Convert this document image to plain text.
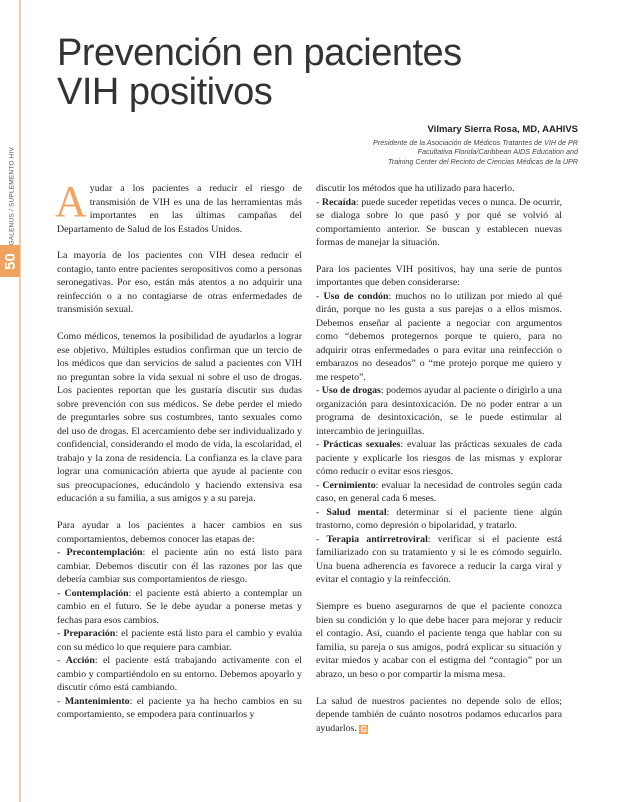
GALENUS / SUPLEMENTO HIV
50
Prevención en pacientes
VIH positivos
Vilmary Sierra Rosa, MD, AAHIVS
Presidente de la Asociación de Médicos Tratantes de VIH de PR
Facultativa Florida/Caribbean AIDS Education and
Training Center del Recinto de Ciencias Médicas de la UPR

Ayudar a los pacientes a reducir el riesgo de transmisión de VIH es una de las herramientas más importantes en las últimas campañas del Departamento de Salud de los Estados Unidos.

La mayoría de los pacientes con VIH desea reducir el contagio, tanto entre pacientes seropositivos como a personas seronegativas. Por eso, están más atentos a no adquirir una reinfección o a no contagiarse de otras enfermedades de transmisión sexual.

Como médicos, tenemos la posibilidad de ayudarlos a lograr ese objetivo. Múltiples estudios confirman que un tercio de los médicos que dan servicios de salud a pacientes con VIH no preguntan sobre la vida sexual ni sobre el uso de drogas. Los pacientes reportan que les gustaría discutir sus dudas sobre prevención con sus médicos. Se debe perder el miedo de preguntarles sobre sus costumbres, tanto sexuales como del uso de drogas. El acercamiento debe ser individualizado y confidencial, considerando el modo de vida, la escolaridad, el trabajo y la zona de residencia. La confianza es la clave para lograr una comunicación abierta que ayude al paciente con sus preocupaciones, educándolo y haciendo extensiva esa educación a su familia, a sus amigos y a su pareja.

Para ayudar a los pacientes a hacer cambios en sus comportamientos, debemos conocer las etapas de:
- Precontemplación: el paciente aún no está listo para cambiar. Debemos discutir con él las razones por las que debería cambiar sus comportamientos de riesgo.
- Contemplación: el paciente está abierto a contemplar un cambio en el futuro. Se le debe ayudar a ponerse metas y fechas para esos cambios.
- Preparación: el paciente está listo para el cambio y evalúa con su médico lo que requiere para cambiar.
- Acción: el paciente está trabajando activamente con el cambio y compartiéndolo en su entorno. Debemos apoyarlo y discutir cómo está cambiando.
- Mantenimiento: el paciente ya ha hecho cambios en su comportamiento, se empodera para continuarlos y

discutir los métodos que ha utilizado para hacerlo.
- Recaída: puede suceder repetidas veces o nunca. De ocurrir, se dialoga sobre lo que pasó y por qué se volvió al comportamiento anterior. Se buscan y establecen nuevas formas de manejar la situación.

Para los pacientes VIH positivos, hay una serie de puntos importantes que deben considerarse:
- Uso de condón: muchos no lo utilizan por miedo al qué dirán, porque no les gusta a sus parejas o a ellos mismos. Debemos enseñar al paciente a negociar con argumentos como “debemos protegernos porque te quiero, para no adquirir otras enfermedades o para evitar una reinfección o embarazos no deseados” o “me protejo porque me quiero y me respeto”.
- Uso de drogas: podemos ayudar al paciente o dirigirlo a una organización para desintoxicación. De no poder entrar a un programa de desintoxicación, se le puede estimular al intercambio de jeringuillas.
- Prácticas sexuales: evaluar las prácticas sexuales de cada paciente y explicarle los riesgos de las mismas y explorar cómo reducir o evitar esos riesgos.
- Cernimiento: evaluar la necesidad de controles según cada caso, en general cada 6 meses.
- Salud mental: determinar si el paciente tiene algún trastorno, como depresión o bipolaridad, y tratarlo.
- Terapia antirretroviral: verificar si el paciente está familiarizado con su tratamiento y si le es cómodo seguirlo. Una buena adherencia es favorece a reducir la carga viral y evitar el contagio y la reinfección.

Siempre es bueno asegurarnos de que el paciente conozca bien su condición y lo que debe hacer para mejorar y reducir el contagio. Así, cuando el paciente tenga que hablar con su familia, su pareja o sus amigos, podrá explicar su situación y evitar miedos y acabar con el estigma del “contagio” por un abrazo, un beso o por compartir la misma mesa.

La salud de nuestros pacientes no depende solo de ellos; depende también de cuánto nosotros podamos educarlos para ayudarlos. G
